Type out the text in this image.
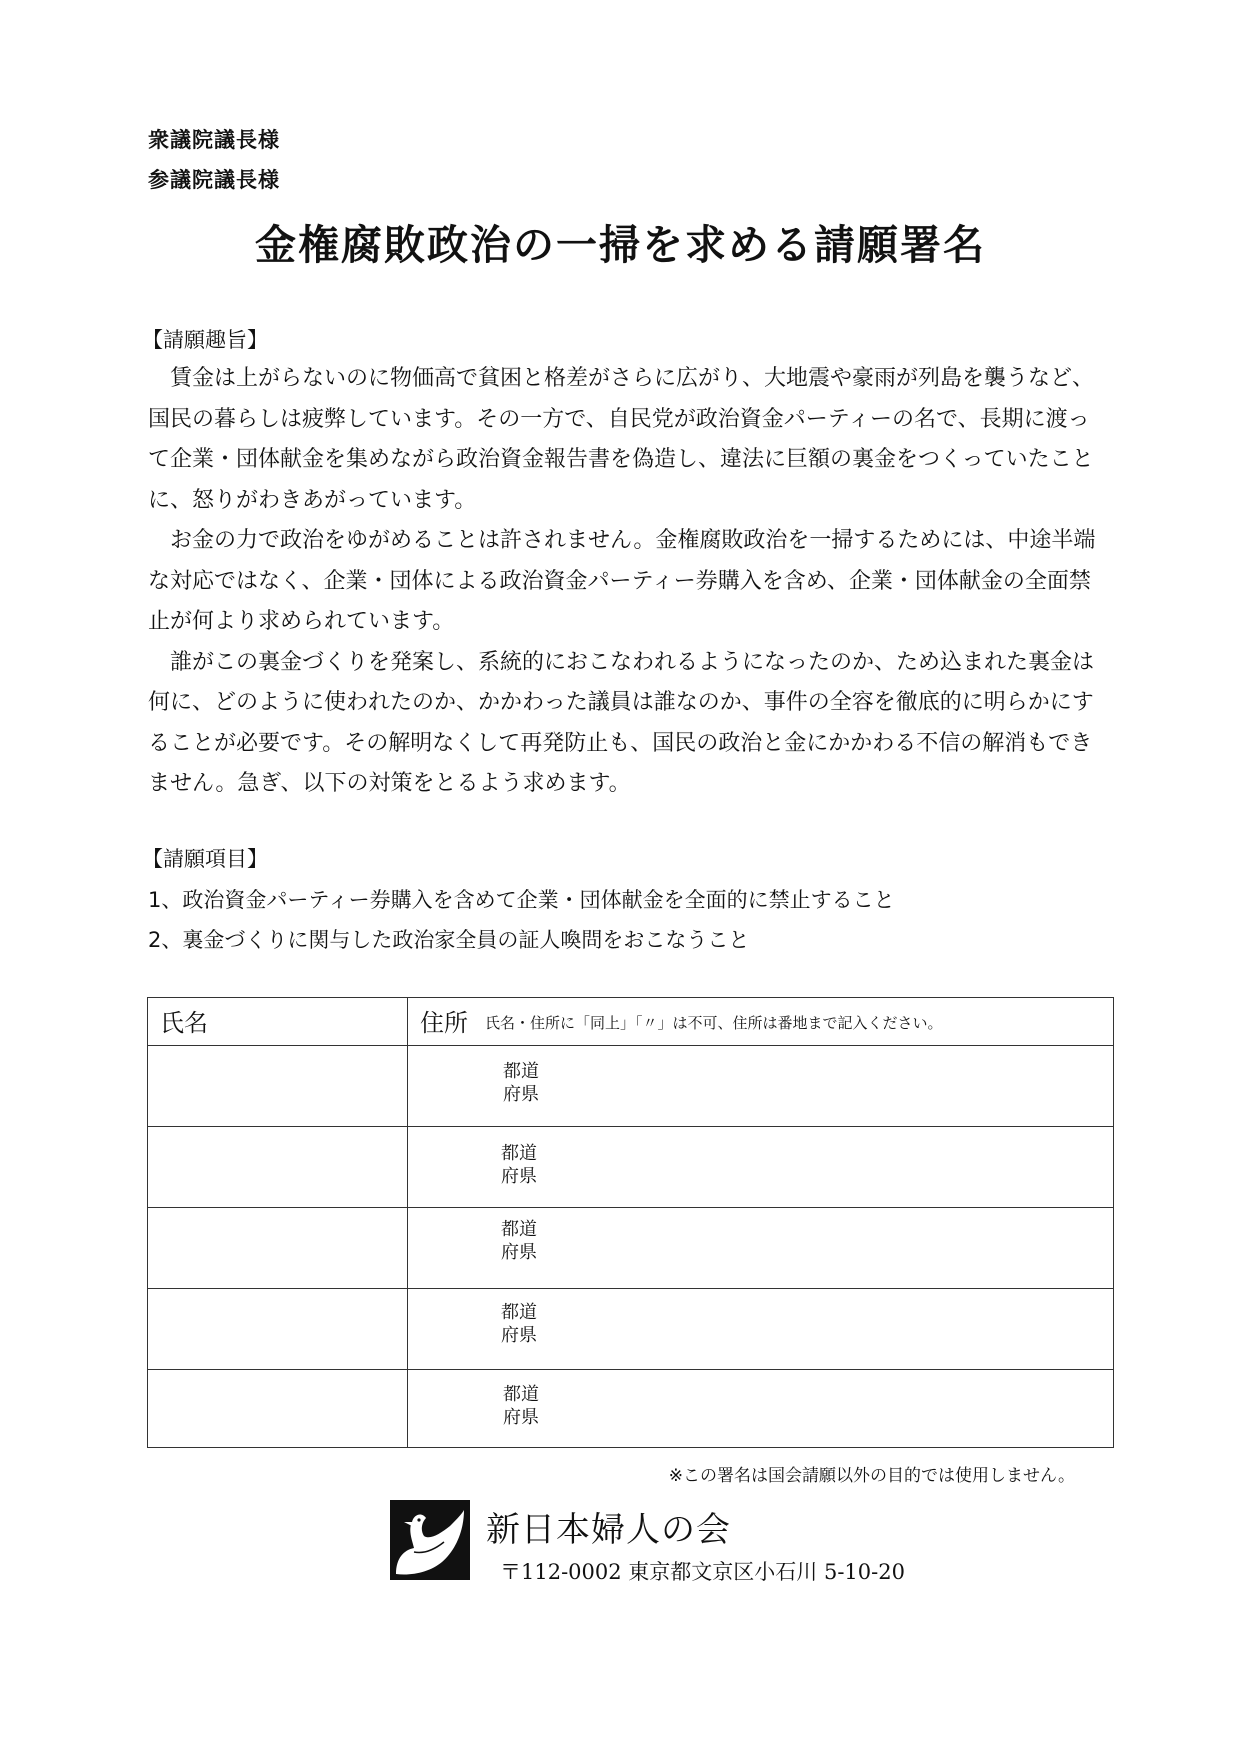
衆議院議長様
参議院議長様
金権腐敗政治の一掃を求める請願署名
【請願趣旨】

賃金は上がらないのに物価高で貧困と格差がさらに広がり、大地震や豪雨が列島を襲うなど、国民の暮らしは疲弊しています。その一方で、自民党が政治資金パーティーの名で、長期に渡って企業・団体献金を集めながら政治資金報告書を偽造し、違法に巨額の裏金をつくっていたことに、怒りがわきあがっています。

お金の力で政治をゆがめることは許されません。金権腐敗政治を一掃するためには、中途半端な対応ではなく、企業・団体による政治資金パーティー券購入を含め、企業・団体献金の全面禁止が何より求められています。

誰がこの裏金づくりを発案し、系統的におこなわれるようになったのか、ため込まれた裏金は何に、どのように使われたのか、かかわった議員は誰なのか、事件の全容を徹底的に明らかにすることが必要です。その解明なくして再発防止も、国民の政治と金にかかわる不信の解消もできません。急ぎ、以下の対策をとるよう求めます。

【請願項目】
1、政治資金パーティー券購入を含めて企業・団体献金を全面的に禁止すること
2、裏金づくりに関与した政治家全員の証人喚問をおこなうこと
氏名	住所 氏名・住所に「同上」「〃」は不可、住所は番地まで記入ください。
都道
府県
都道
府県
都道
府県
都道
府県
都道
府県
※この署名は国会請願以外の目的では使用しません。
新日本婦人の会
〒112-0002 東京都文京区小石川 5-10-20
